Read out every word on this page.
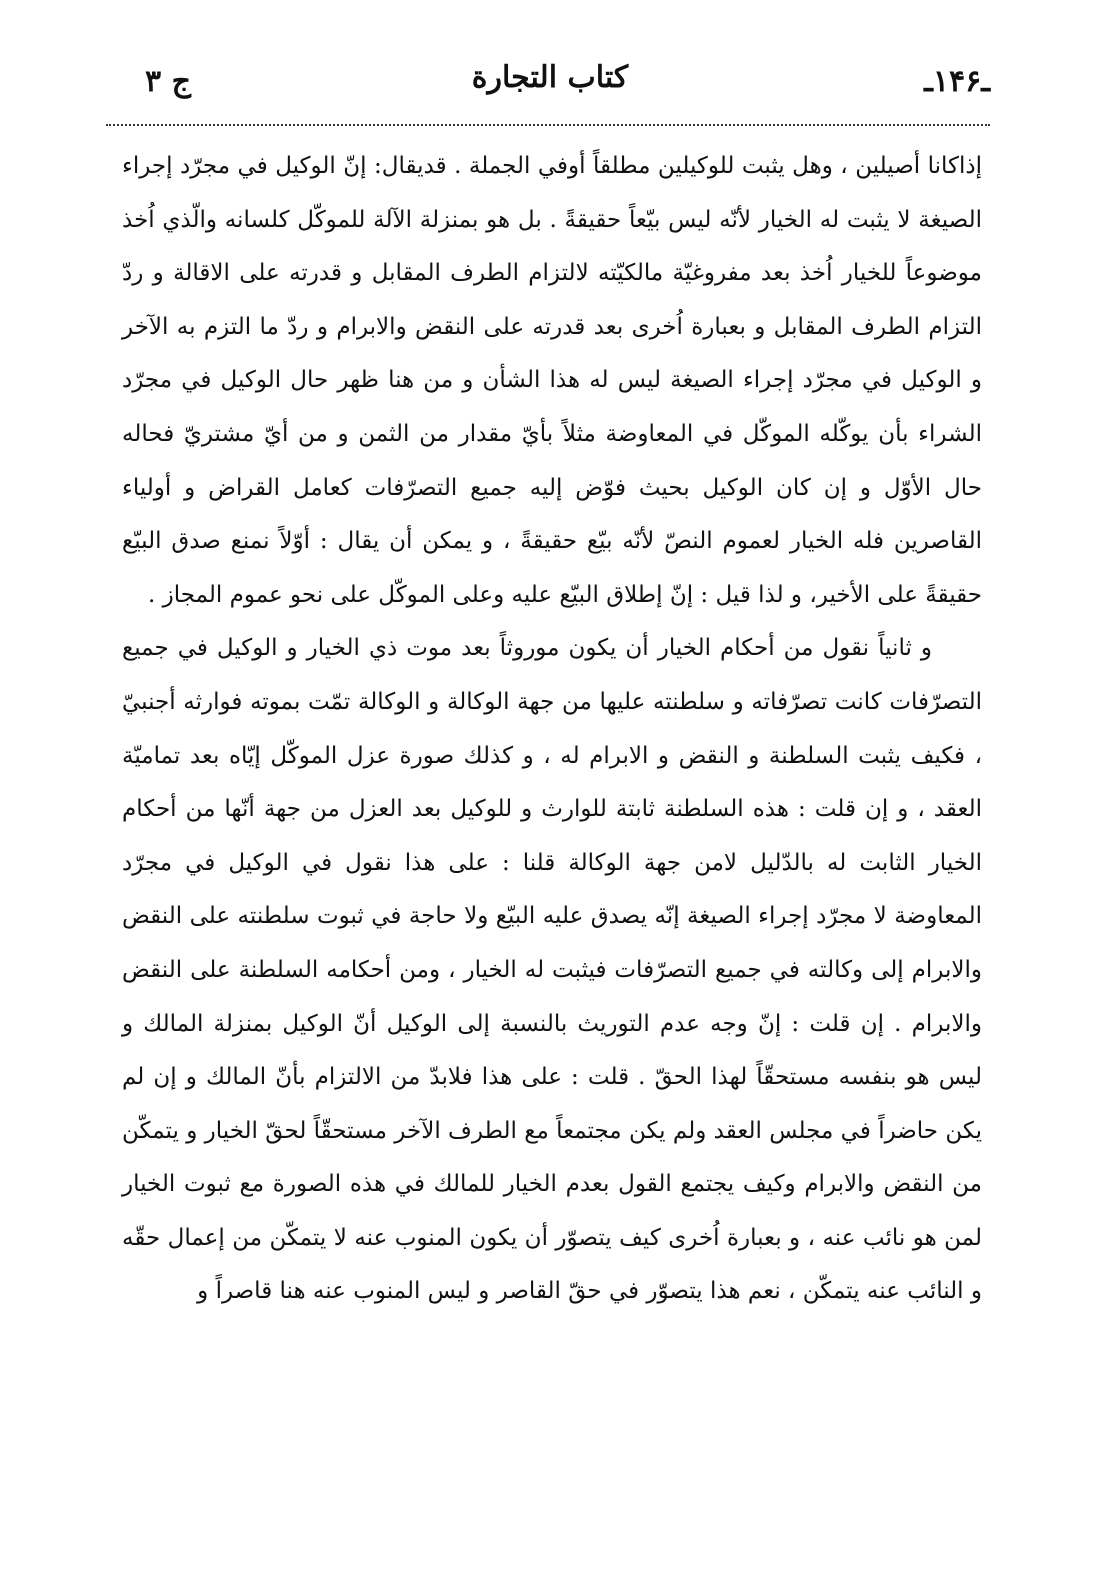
ـ١۴۶ـ
كتاب التجارة
ج ٣

إذاكانا أصيلين ، وهل يثبت للوكيلين مطلقاً أوفي الجملة . قديقال: إنّ الوكيل في مجرّد إجراء الصيغة لا يثبت له الخيار لأنّه ليس بيّعاً حقيقةً . بل هو بمنزلة الآلة للموكّل كلسانه والّذي اُخذ موضوعاً للخيار اُخذ بعد مفروغيّة مالكيّته لالتزام الطرف المقابل و قدرته على الاقالة و ردّ التزام الطرف المقابل و بعبارة اُخرى بعد قدرته على النقض والابرام و ردّ ما التزم به الآخر و الوكيل في مجرّد إجراء الصيغة ليس له هذا الشأن و من هنا ظهر حال الوكيل في مجرّد الشراء بأن يوكّله الموكّل في المعاوضة مثلاً بأيّ مقدار من الثمن و من أيّ مشتريّ فحاله حال الأوّل و إن كان الوكيل بحيث فوّض إليه جميع التصرّفات كعامل القراض و أولياء القاصرين فله الخيار لعموم النصّ لأنّه بيّع حقيقةً ، و يمكن أن يقال : أوّلاً نمنع صدق البيّع حقيقةً على الأخير، و لذا قيل : إنّ إطلاق البيّع عليه وعلى الموكّل على نحو عموم المجاز .

و ثانياً نقول من أحكام الخيار أن يكون موروثاً بعد موت ذي الخيار و الوكيل في جميع التصرّفات كانت تصرّفاته و سلطنته عليها من جهة الوكالة و الوكالة تمّت بموته فوارثه أجنبيّ ، فكيف يثبت السلطنة و النقض و الابرام له ، و كذلك صورة عزل الموكّل إيّاه بعد تماميّة العقد ، و إن قلت : هذه السلطنة ثابتة للوارث و للوكيل بعد العزل من جهة أنّها من أحكام الخيار الثابت له بالدّليل لامن جهة الوكالة قلنا : على هذا نقول في الوكيل في مجرّد المعاوضة لا مجرّد إجراء الصيغة إنّه يصدق عليه البيّع ولا حاجة في ثبوت سلطنته على النقض والابرام إلى وكالته في جميع التصرّفات فيثبت له الخيار ، ومن أحكامه السلطنة على النقض والابرام . إن قلت : إنّ وجه عدم التوريث بالنسبة إلى الوكيل أنّ الوكيل بمنزلة المالك و ليس هو بنفسه مستحقّاً لهذا الحقّ . قلت : على هذا فلابدّ من الالتزام بأنّ المالك و إن لم يكن حاضراً في مجلس العقد ولم يكن مجتمعاً مع الطرف الآخر مستحقّاً لحقّ الخيار و يتمكّن من النقض والابرام وكيف يجتمع القول بعدم الخيار للمالك في هذه الصورة مع ثبوت الخيار لمن هو نائب عنه ، و بعبارة اُخرى كيف يتصوّر أن يكون المنوب عنه لا يتمكّن من إعمال حقّه و النائب عنه يتمكّن ، نعم هذا يتصوّر في حقّ القاصر و ليس المنوب عنه هنا قاصراً و
